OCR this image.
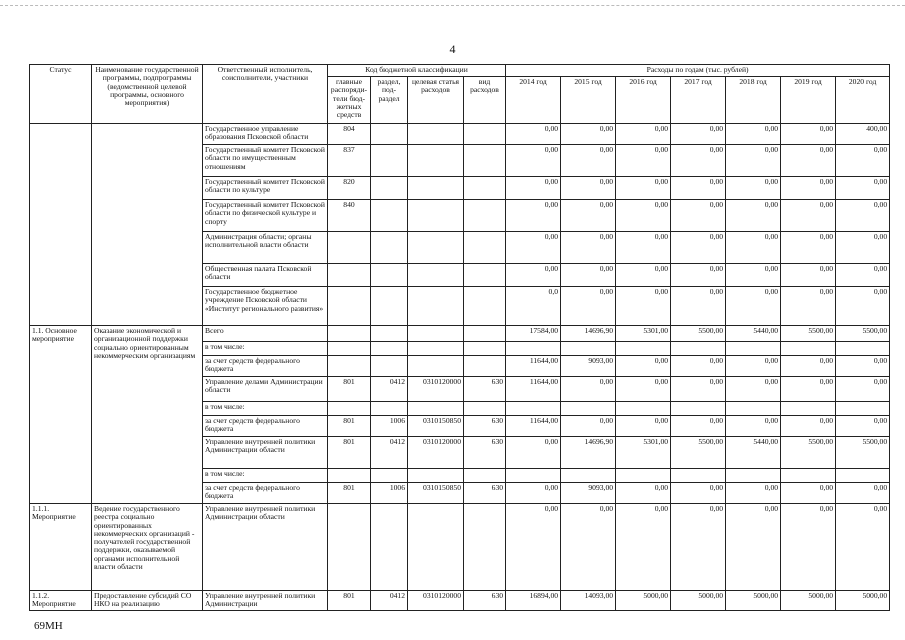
4
Статус	Наименование государственной программы, подпрограммы (ведомственной целевой программы, основного мероприятия)	Ответственный исполнитель, соисполнители, участники	Код бюджетной классификации				Расходы по годам (тыс. рублей)						
			главные распоряди-тели бюд-жетных средств	раздел, под-раздел	целевая статья расходов	вид расходов	2014 год	2015 год	2016 год	2017 год	2018 год	2019 год	2020 год
		Государственное управление образования Псковской области	804				0,00	0,00	0,00	0,00	0,00	0,00	400,00
		Государственный комитет Псковской области по имущественным отношениям	837				0,00	0,00	0,00	0,00	0,00	0,00	0,00
		Государственный комитет Псковской области по культуре	820				0,00	0,00	0,00	0,00	0,00	0,00	0,00
		Государственный комитет Псковской области по физической культуре и спорту	840				0,00	0,00	0,00	0,00	0,00	0,00	0,00
		Администрация области; органы исполнительной власти области					0,00	0,00	0,00	0,00	0,00	0,00	0,00
		Общественная палата Псковской области					0,00	0,00	0,00	0,00	0,00	0,00	0,00
		Государственное бюджетное учреждение Псковской области «Институт регионального развития»					0,0	0,00	0,00	0,00	0,00	0,00	0,00
1.1. Основное мероприятие	Оказание экономической и организационной поддержки социально ориентированным некоммерческим организациям	Всего					17584,00	14696,90	5301,00	5500,00	5440,00	5500,00	5500,00
		в том числе:											
		за счет средств федерального бюджета					11644,00	9093,00	0,00	0,00	0,00	0,00	0,00
		Управление делами Администрации области	801	0412	0310120000	630	11644,00	0,00	0,00	0,00	0,00	0,00	0,00
		в том числе:											
		за счет средств федерального бюджета	801	1006	0310150850	630	11644,00	0,00	0,00	0,00	0,00	0,00	0,00
		Управление внутренней политики Администрации области	801	0412	0310120000	630	0,00	14696,90	5301,00	5500,00	5440,00	5500,00	5500,00
		в том числе:											
		за счет средств федерального бюджета	801	1006	0310150850	630	0,00	9093,00	0,00	0,00	0,00	0,00	0,00
1.1.1. Мероприятие	Ведение государственного реестра социально ориентированных некоммерческих организаций - получателей государственной поддержки, оказываемой органами исполнительной власти области	Управление внутренней политики Администрации области					0,00	0,00	0,00	0,00	0,00	0,00	0,00
1.1.2. Мероприятие	Предоставление субсидий СО НКО на реализацию	Управление внутренней политики Администрации	801	0412	0310120000	630	16894,00	14093,00	5000,00	5000,00	5000,00	5000,00	5000,00
69МН
